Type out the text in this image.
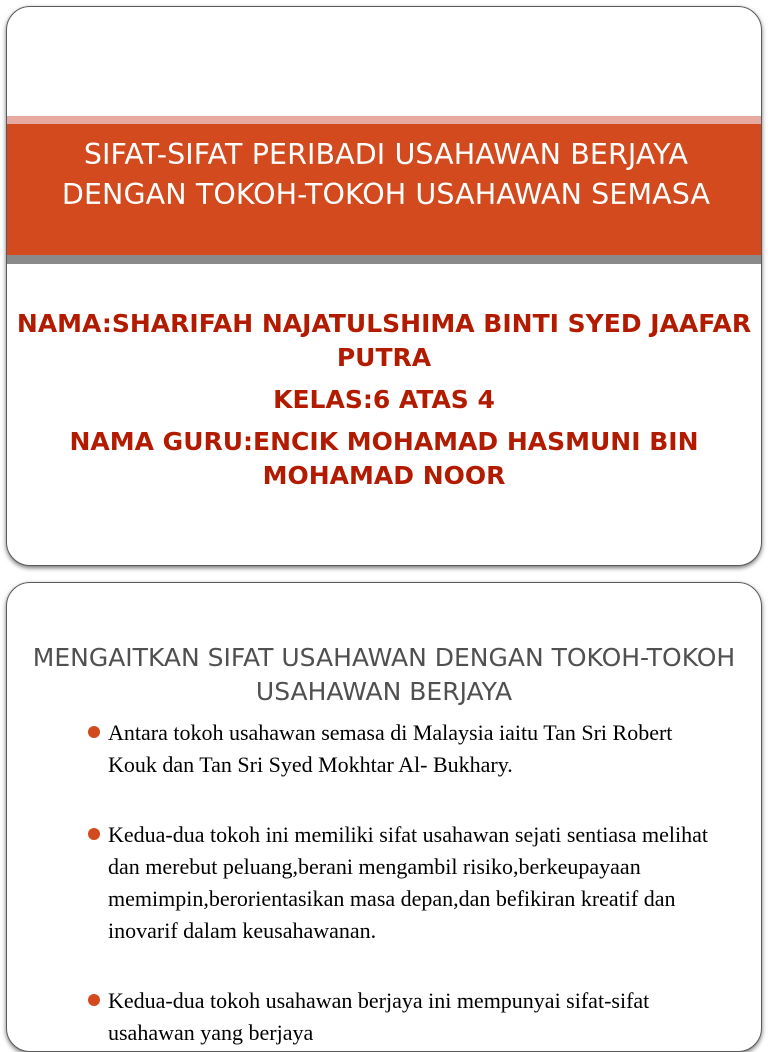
SIFAT-SIFAT PERIBADI USAHAWAN BERJAYA DENGAN TOKOH-TOKOH USAHAWAN SEMASA

NAMA:SHARIFAH NAJATULSHIMA BINTI SYED JAAFAR PUTRA

KELAS:6 ATAS 4

NAMA GURU:ENCIK MOHAMAD HASMUNI BIN MOHAMAD NOOR

MENGAITKAN SIFAT USAHAWAN DENGAN TOKOH-TOKOH USAHAWAN BERJAYA
Antara tokoh usahawan semasa di Malaysia iaitu Tan Sri Robert Kouk dan Tan Sri Syed Mokhtar Al- Bukhary.
Kedua-dua tokoh ini memiliki sifat usahawan sejati sentiasa melihat dan merebut peluang,berani mengambil risiko,berkeupayaan memimpin,berorientasikan masa depan,dan befikiran kreatif dan inovarif dalam keusahawanan.
Kedua-dua tokoh usahawan berjaya ini mempunyai sifat-sifat usahawan yang berjaya
